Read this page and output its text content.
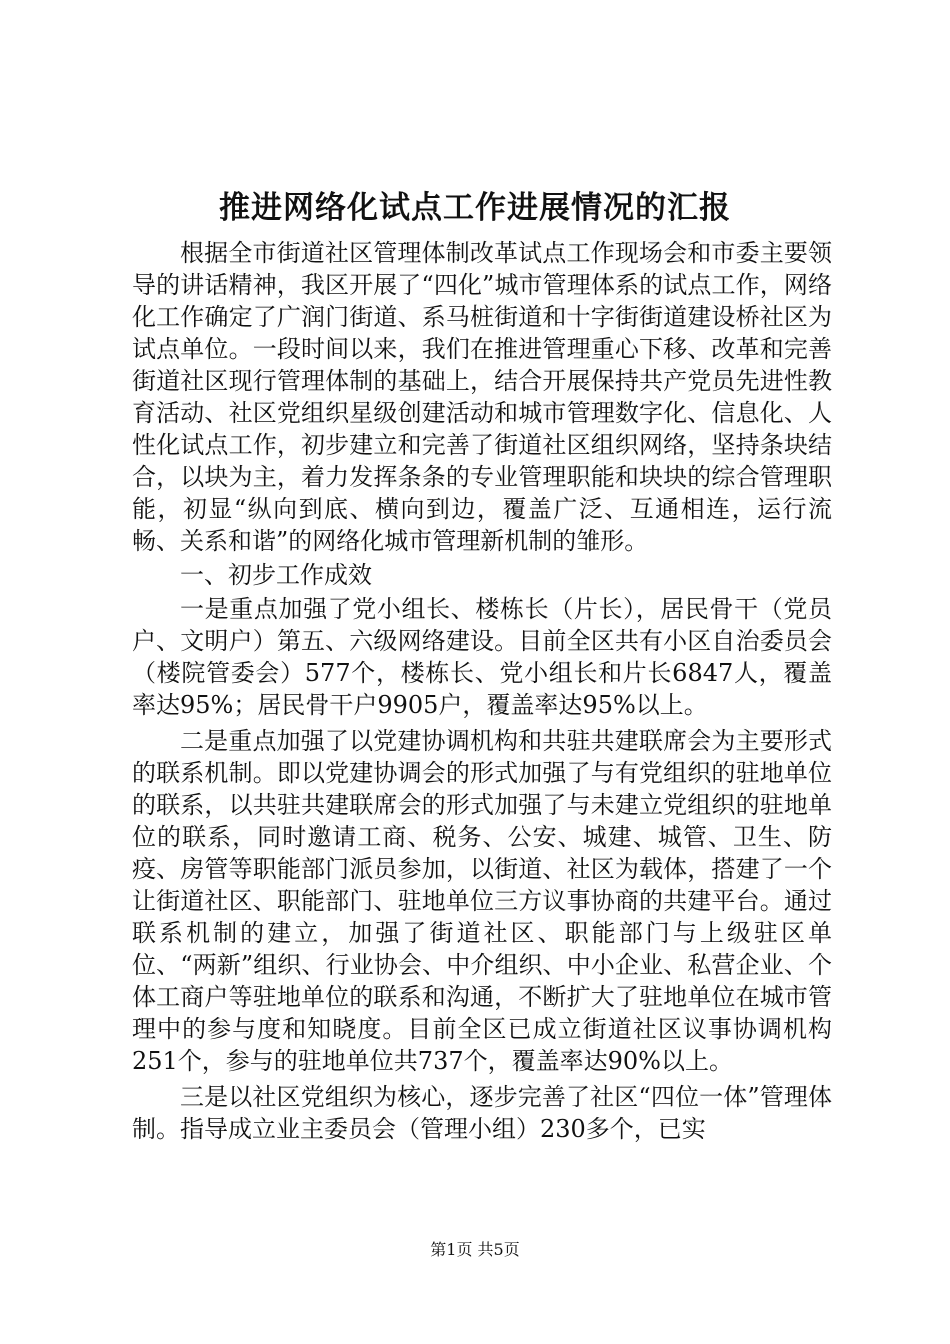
推进网络化试点工作进展情况的汇报

根据全市街道社区管理体制改革试点工作现场会和市委主要领导的讲话精神，我区开展了“四化”城市管理体系的试点工作，网络化工作确定了广润门街道、系马桩街道和十字街街道建设桥社区为试点单位。一段时间以来，我们在推进管理重心下移、改革和完善街道社区现行管理体制的基础上，结合开展保持共产党员先进性教育活动、社区党组织星级创建活动和城市管理数字化、信息化、人性化试点工作，初步建立和完善了街道社区组织网络，坚持条块结合，以块为主，着力发挥条条的专业管理职能和块块的综合管理职能，初显“纵向到底、横向到边，覆盖广泛、互通相连，运行流畅、关系和谐”的网络化城市管理新机制的雏形。

一、初步工作成效

一是重点加强了党小组长、楼栋长（片长），居民骨干（党员户、文明户）第五、六级网络建设。目前全区共有小区自治委员会（楼院管委会）577个，楼栋长、党小组长和片长6847人，覆盖率达95%；居民骨干户9905户，覆盖率达95%以上。

二是重点加强了以党建协调机构和共驻共建联席会为主要形式的联系机制。即以党建协调会的形式加强了与有党组织的驻地单位的联系，以共驻共建联席会的形式加强了与未建立党组织的驻地单位的联系，同时邀请工商、税务、公安、城建、城管、卫生、防疫、房管等职能部门派员参加，以街道、社区为载体，搭建了一个让街道社区、职能部门、驻地单位三方议事协商的共建平台。通过联系机制的建立，加强了街道社区、职能部门与上级驻区单位、“两新”组织、行业协会、中介组织、中小企业、私营企业、个体工商户等驻地单位的联系和沟通，不断扩大了驻地单位在城市管理中的参与度和知晓度。目前全区已成立街道社区议事协调机构251个，参与的驻地单位共737个，覆盖率达90%以上。

三是以社区党组织为核心，逐步完善了社区“四位一体”管理体制。指导成立业主委员会（管理小组）230多个，已实

第1页 共5页
